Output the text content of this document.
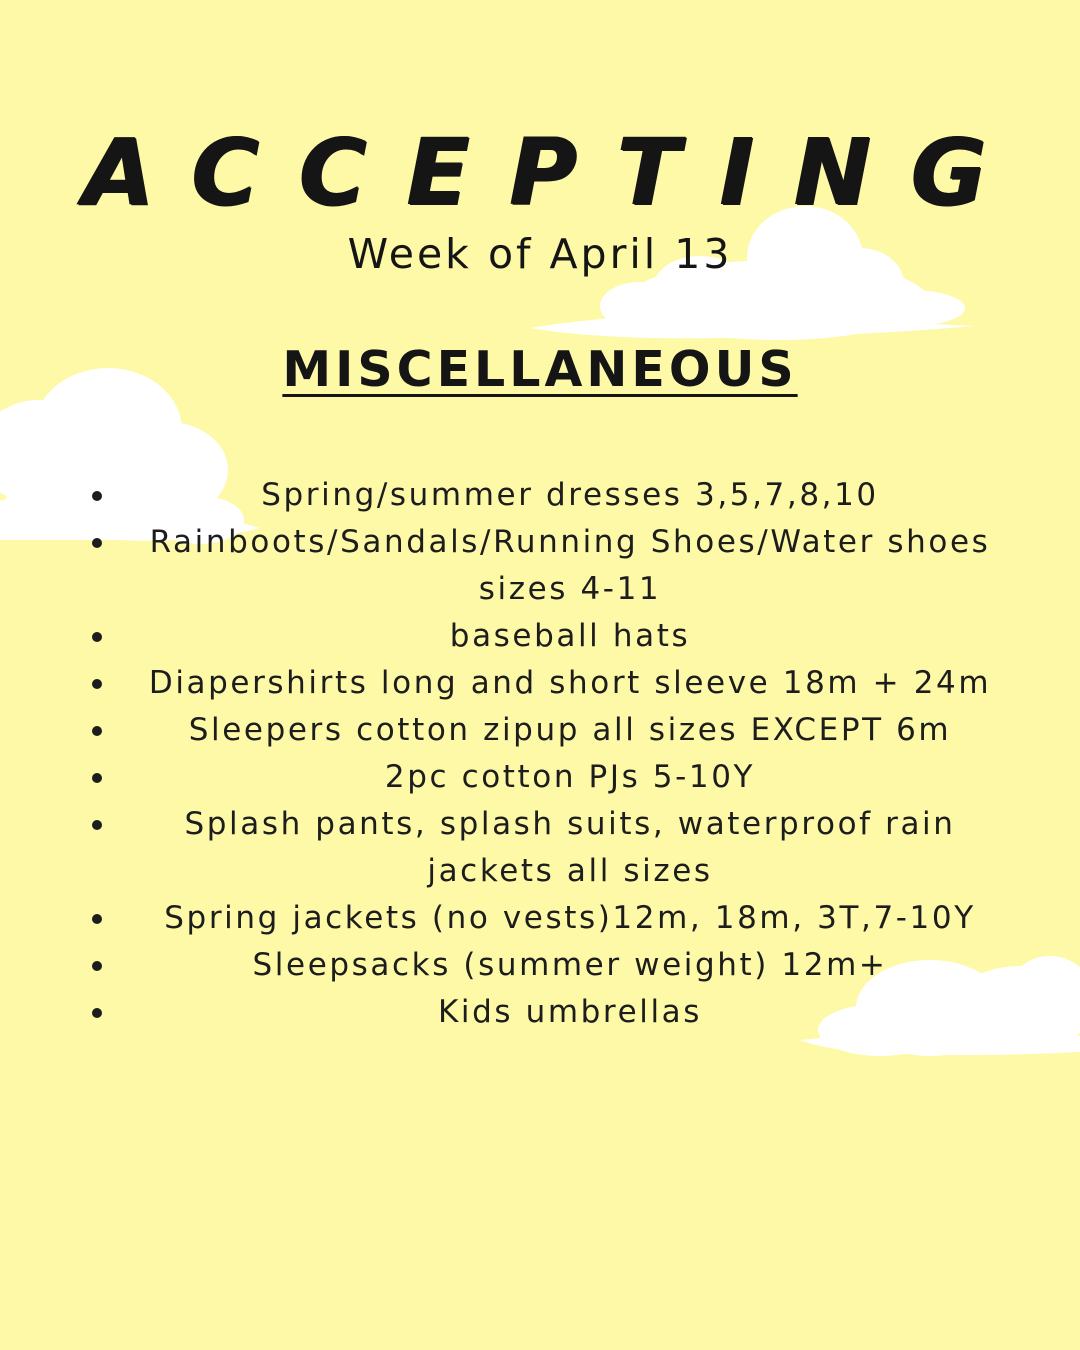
ACCEPTING
Week of April 13
MISCELLANEOUS
Spring/summer dresses 3,5,7,8,10
Rainboots/Sandals/Running Shoes/Water shoes sizes 4-11
baseball hats
Diapershirts long and short sleeve 18m + 24m
Sleepers cotton zipup all sizes EXCEPT 6m
2pc cotton PJs 5-10Y
Splash pants, splash suits, waterproof rain jackets all sizes
Spring jackets (no vests)12m, 18m, 3T,7-10Y
Sleepsacks (summer weight) 12m+
Kids umbrellas
